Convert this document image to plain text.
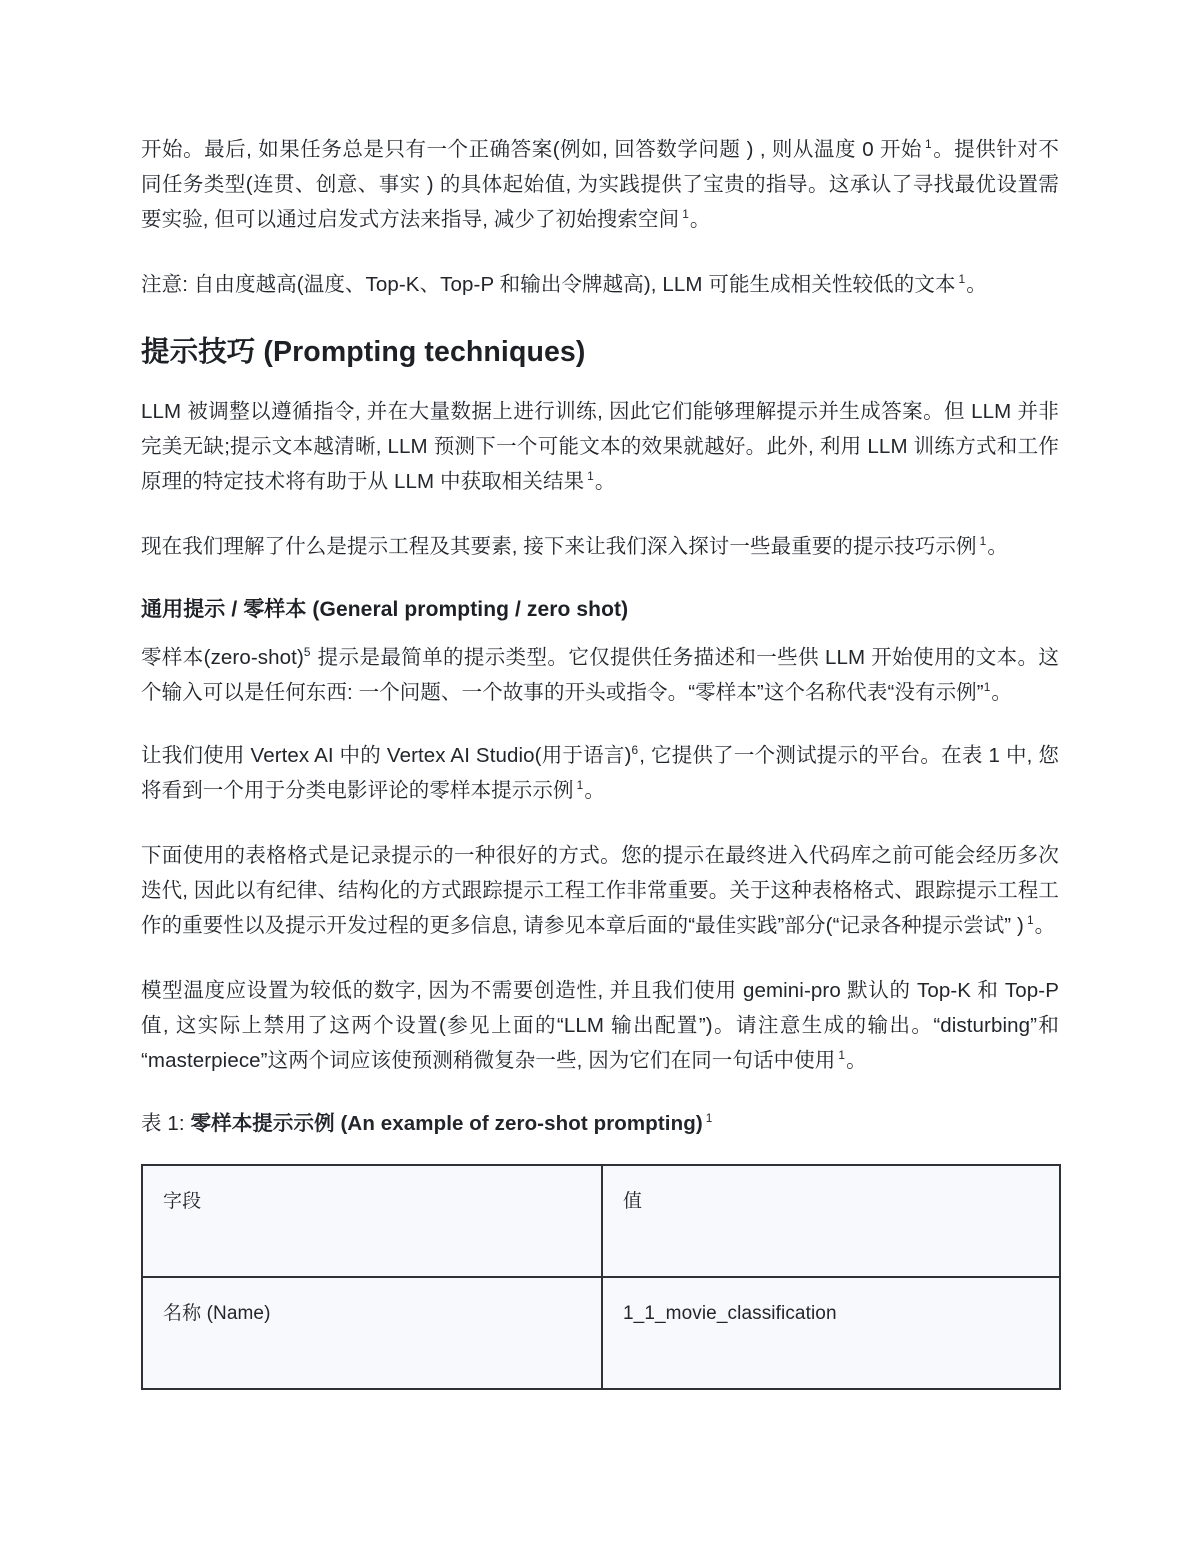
开始。最后, 如果任务总是只有一个正确答案(例如, 回答数学问题 ) , 则从温度 0 开始 $^1$。提供针对不同任务类型(连贯、创意、事实 ) 的具体起始值, 为实践提供了宝贵的指导。这承认了寻找最优设置需要实验, 但可以通过启发式方法来指导, 减少了初始搜索空间 $^1$。

注意: 自由度越高(温度、Top-K、Top-P 和输出令牌越高), LLM 可能生成相关性较低的文本 $^1$。

提示技巧 (Prompting techniques)

LLM 被调整以遵循指令, 并在大量数据上进行训练, 因此它们能够理解提示并生成答案。但 LLM 并非完美无缺;提示文本越清晰, LLM 预测下一个可能文本的效果就越好。此外, 利用 LLM 训练方式和工作原理的特定技术将有助于从 LLM 中获取相关结果 $^1$。

现在我们理解了什么是提示工程及其要素, 接下来让我们深入探讨一些最重要的提示技巧示例 $^1$。

通用提示 / 零样本 (General prompting / zero shot)

零样本(zero-shot)$^5$ 提示是最简单的提示类型。它仅提供任务描述和一些供 LLM 开始使用的文本。这个输入可以是任何东西: 一个问题、一个故事的开头或指令。“零样本”这个名称代表“没有示例”$^1$。

让我们使用 Vertex AI 中的 Vertex AI Studio(用于语言)$^6$, 它提供了一个测试提示的平台。在表 1 中, 您将看到一个用于分类电影评论的零样本提示示例 $^1$。

下面使用的表格格式是记录提示的一种很好的方式。您的提示在最终进入代码库之前可能会经历多次迭代, 因此以有纪律、结构化的方式跟踪提示工程工作非常重要。关于这种表格格式、跟踪提示工程工作的重要性以及提示开发过程的更多信息, 请参见本章后面的“最佳实践”部分(“记录各种提示尝试” ) $^1$。

模型温度应设置为较低的数字, 因为不需要创造性, 并且我们使用 gemini-pro 默认的 Top-K 和 Top-P 值, 这实际上禁用了这两个设置(参见上面的“LLM 输出配置”)。请注意生成的输出。“disturbing”和“masterpiece”这两个词应该使预测稍微复杂一些, 因为它们在同一句话中使用 $^1$。

表 1: 零样本提示示例 (An example of zero-shot prompting) $^1$

字段	值
名称 (Name)	1_1_movie_classification
